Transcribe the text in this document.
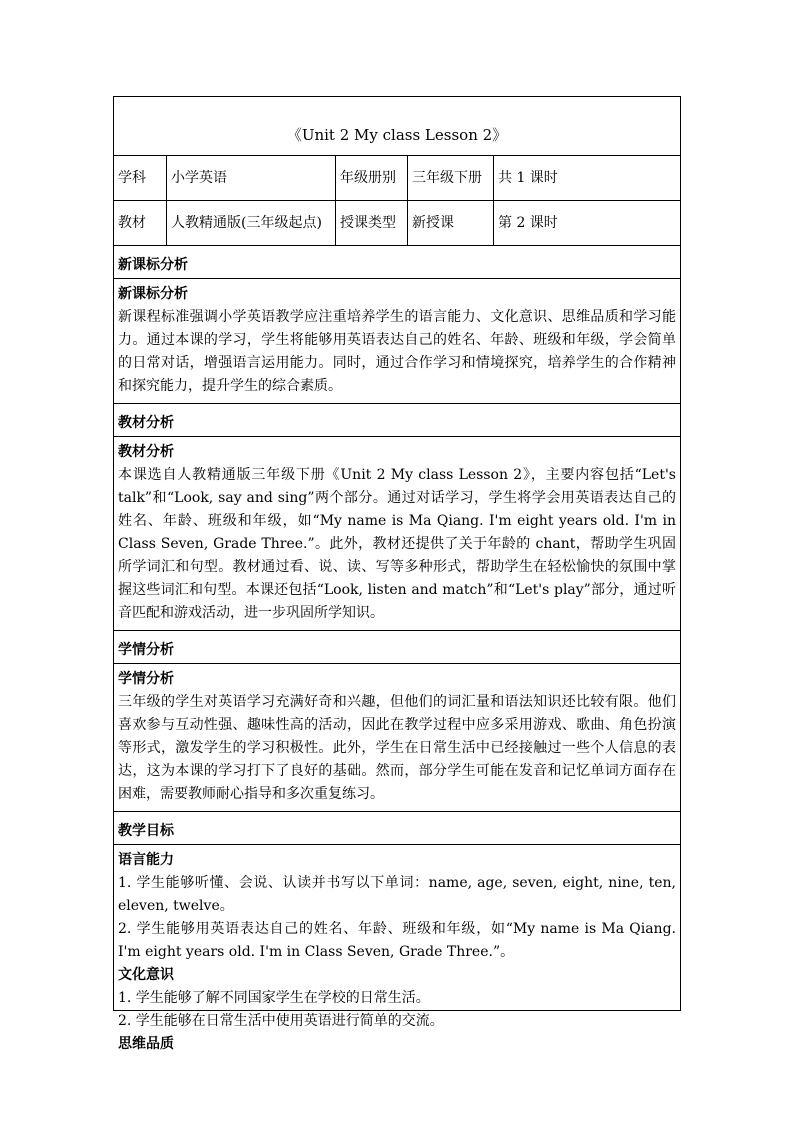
《Unit 2 My class Lesson 2》
学科	小学英语	年级册别	三年级下册	共 1 课时
教材	人教精通版(三年级起点)	授课类型	新授课	第 2 课时
新课标分析
新课标分析
新课程标准强调小学英语教学应注重培养学生的语言能力、文化意识、思维品质和学习能力。通过本课的学习，学生将能够用英语表达自己的姓名、年龄、班级和年级，学会简单的日常对话，增强语言运用能力。同时，通过合作学习和情境探究，培养学生的合作精神和探究能力，提升学生的综合素质。
教材分析
教材分析
本课选自人教精通版三年级下册《Unit 2 My class Lesson 2》，主要内容包括“Let's talk”和“Look, say and sing”两个部分。通过对话学习，学生将学会用英语表达自己的姓名、年龄、班级和年级，如“My name is Ma Qiang. I'm eight years old. I'm in Class Seven, Grade Three.”。此外，教材还提供了关于年龄的 chant，帮助学生巩固所学词汇和句型。教材通过看、说、读、写等多种形式，帮助学生在轻松愉快的氛围中掌握这些词汇和句型。本课还包括“Look, listen and match”和“Let's play”部分，通过听音匹配和游戏活动，进一步巩固所学知识。
学情分析
学情分析
三年级的学生对英语学习充满好奇和兴趣，但他们的词汇量和语法知识还比较有限。他们喜欢参与互动性强、趣味性高的活动，因此在教学过程中应多采用游戏、歌曲、角色扮演等形式，激发学生的学习积极性。此外，学生在日常生活中已经接触过一些个人信息的表达，这为本课的学习打下了良好的基础。然而，部分学生可能在发音和记忆单词方面存在困难，需要教师耐心指导和多次重复练习。
教学目标
语言能力
1. 学生能够听懂、会说、认读并书写以下单词：name, age, seven, eight, nine, ten, eleven, twelve。
2. 学生能够用英语表达自己的姓名、年龄、班级和年级，如“My name is Ma Qiang. I'm eight years old. I'm in Class Seven, Grade Three.”。
文化意识
1. 学生能够了解不同国家学生在学校的日常生活。
2. 学生能够在日常生活中使用英语进行简单的交流。
思维品质
